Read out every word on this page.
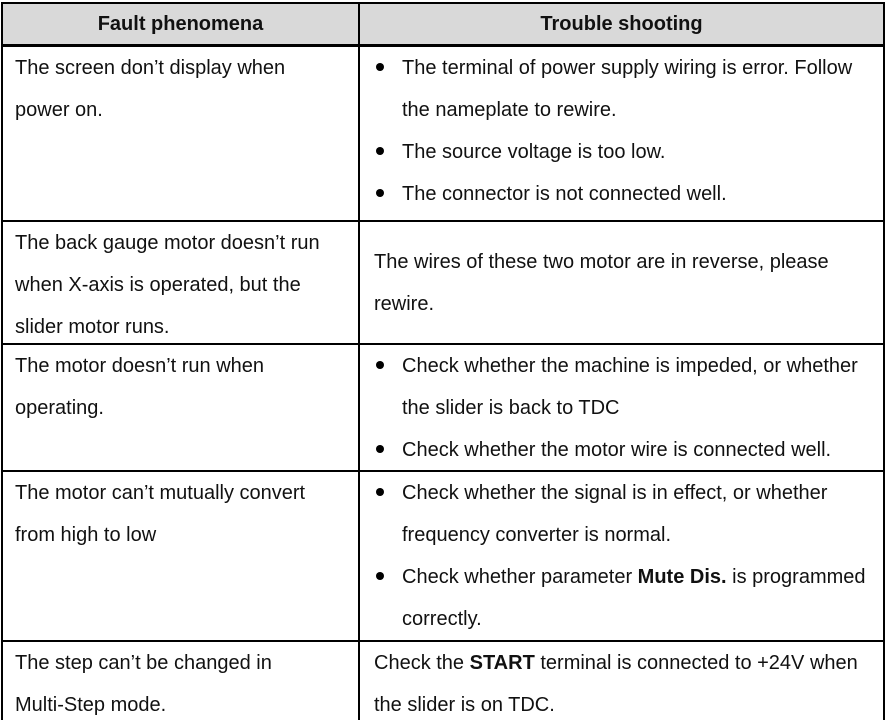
Fault phenomena	Trouble shooting
The screen don’t display when
power on.
The terminal of power supply wiring is error. Follow
the nameplate to rewire.
The source voltage is too low.
The connector is not connected well.
The back gauge motor doesn’t run
when X-axis is operated, but the
slider motor runs.
The wires of these two motor are in reverse, please
rewire.
The motor doesn’t run when
operating.
Check whether the machine is impeded, or whether
the slider is back to TDC
Check whether the motor wire is connected well.
The motor can’t mutually convert
from high to low
Check whether the signal is in effect, or whether
frequency converter is normal.
Check whether parameter Mute Dis. is programmed
correctly.
The step can’t be changed in
Multi-Step mode.
Check the START terminal is connected to +24V when
the slider is on TDC.
